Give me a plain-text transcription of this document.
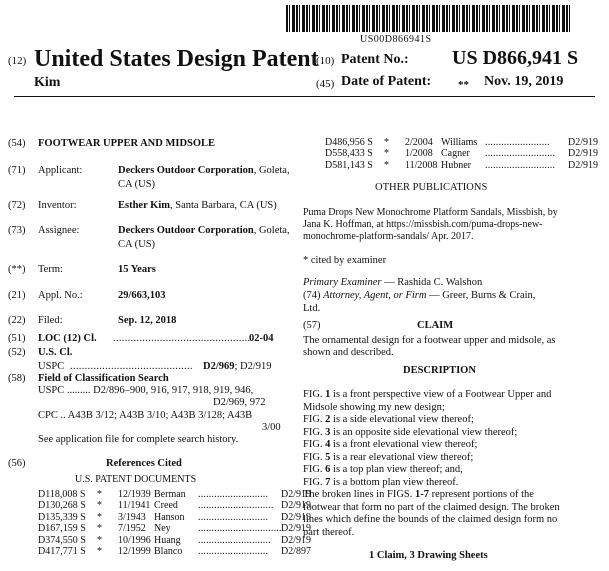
US00D866941S
(12) United States Design Patent
Kim
(10) Patent No.: US D866,941 S
(45) Date of Patent: ** Nov. 19, 2019
(54) FOOTWEAR UPPER AND MIDSOLE
(71) Applicant:	Deckers Outdoor Corporation, Goleta,
CA (US)
(72) Inventor:	Esther Kim, Santa Barbara, CA (US)
(73) Assignee:	Deckers Outdoor Corporation, Goleta,
CA (US)
(**) Term:	15 Years
(21) Appl. No.:	29/663,103
(22) Filed:	Sep. 12, 2018
(51) LOC (12) Cl. ...............................................
02-04
(52) U.S. Cl.
USPC .......................................... D2/969; D2/919
(58) Field of Classification Search
USPC ......... D2/896–900, 916, 917, 918, 919, 946,
D2/969, 972
CPC .. A43B 3/12; A43B 3/10; A43B 3/128; A43B
3/00
See application file for complete search history.
(56)	References Cited
U.S. PATENT DOCUMENTS
D118,008 S * 12/1939 Berman .......................... D2/919
D130,268 S * 11/1941 Creed ............................ D2/919
D135,339 S * 3/1943 Hanson .......................... D2/919
D167,159 S * 7/1952 Ney	............................... D2/919
D374,550 S * 10/1996 Huang ........................... D2/919
D417,771 S * 12/1999 Blanco .......................... D2/897
D486,956 S * 2/2004 Williams ........................ D2/919
D558,433 S * 1/2008 Cagner .......................... D2/919
D581,143 S * 11/2008 Hubner .......................... D2/919
OTHER PUBLICATIONS
Puma Drops New Monochrome Platform Sandals, Missbish, by
Jana K. Hoffman, at https://missbish.com/puma-drops-new-
monochrome-platform-sandals/ Apr. 2017.
* cited by examiner
Primary Examiner — Rashida C. Walshon
(74) Attorney, Agent, or Firm — Greer, Burns & Crain,
Ltd.
(57)	CLAIM
The ornamental design for a footwear upper and midsole, as
shown and described.
DESCRIPTION
FIG. 1 is a front perspective view of a Footwear Upper and
Midsole showing my new design;
FIG. 2 is a side elevational view thereof;
FIG. 3 is an opposite side elevational view thereof;
FIG. 4 is a front elevational view thereof;
FIG. 5 is a rear elevational view thereof;
FIG. 6 is a top plan view thereof; and,
FIG. 7 is a bottom plan view thereof.
The broken lines in FIGS. 1-7 represent portions of the
footwear that form no part of the claimed design. The broken
lines which define the bounds of the claimed design form no
part thereof.
1 Claim, 3 Drawing Sheets
